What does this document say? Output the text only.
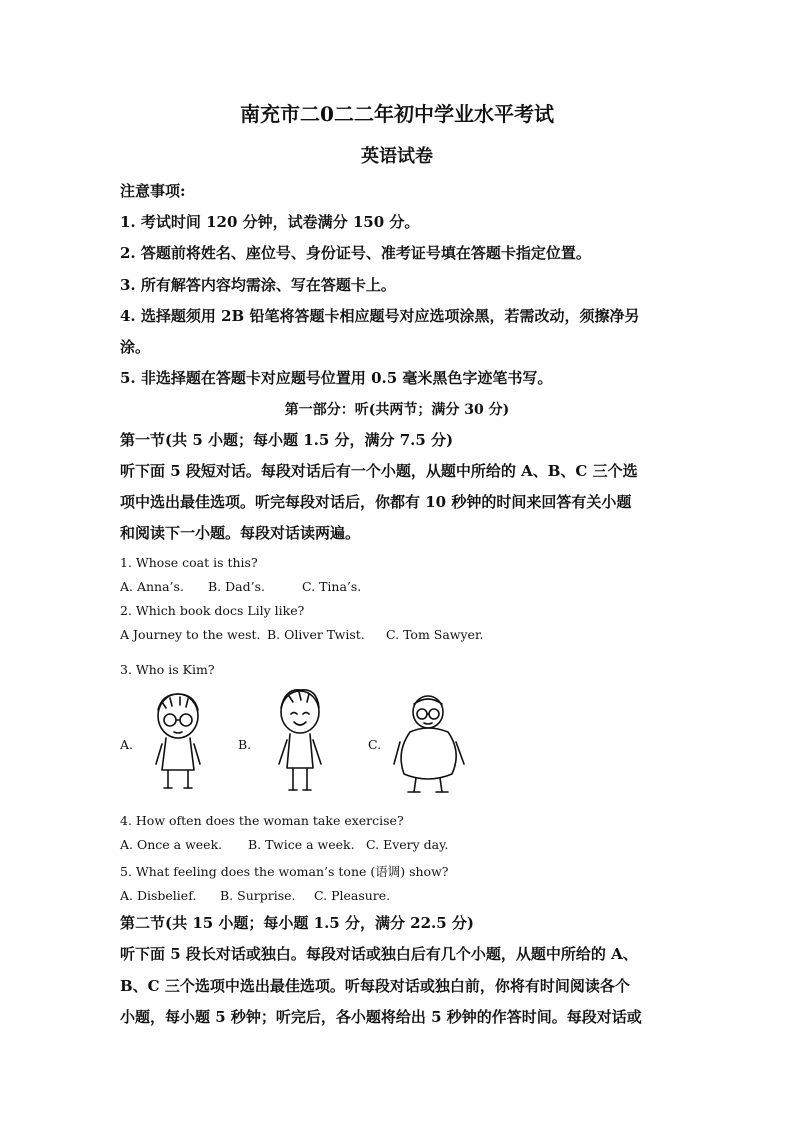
南充市二0二二年初中学业水平考试
英语试卷
注意事项:
1. 考试时间 120 分钟，试卷满分 150 分。
2. 答题前将姓名、座位号、身份证号、准考证号填在答题卡指定位置。
3. 所有解答内容均需涂、写在答题卡上。
4. 选择题须用 2B 铅笔将答题卡相应题号对应选项涂黑，若需改动，须擦净另
涂。
5. 非选择题在答题卡对应题号位置用 0.5 毫米黑色字迹笔书写。
第一部分：听(共两节；满分 30 分)
第一节(共 5 小题；每小题 1.5 分，满分 7.5 分)
听下面 5 段短对话。每段对话后有一个小题，从题中所给的 A、B、C 三个选
项中选出最佳选项。听完每段对话后，你都有 10 秒钟的时间来回答有关小题
和阅读下一小题。每段对话读两遍。
1. Whose coat is this?
A. Anna’s. B. Dad’s.	C. Tina’s.
2. Which book docs Lily like?
A Journey to the west. B. Oliver Twist. C. Tom Sawyer.
3. Who is Kim?
A.	B.	C.
4. How often does the woman take exercise?
A. Once a week. B. Twice a week. C. Every day.
5. What feeling does the woman’s tone (语调) show?
A. Disbelief. B. Surprise. C. Pleasure.
第二节(共 15 小题；每小题 1.5 分，满分 22.5 分)
听下面 5 段长对话或独白。每段对话或独白后有几个小题，从题中所给的 A、
B、C 三个选项中选出最佳选项。听每段对话或独白前，你将有时间阅读各个
小题，每小题 5 秒钟；听完后，各小题将给出 5 秒钟的作答时间。每段对话或
